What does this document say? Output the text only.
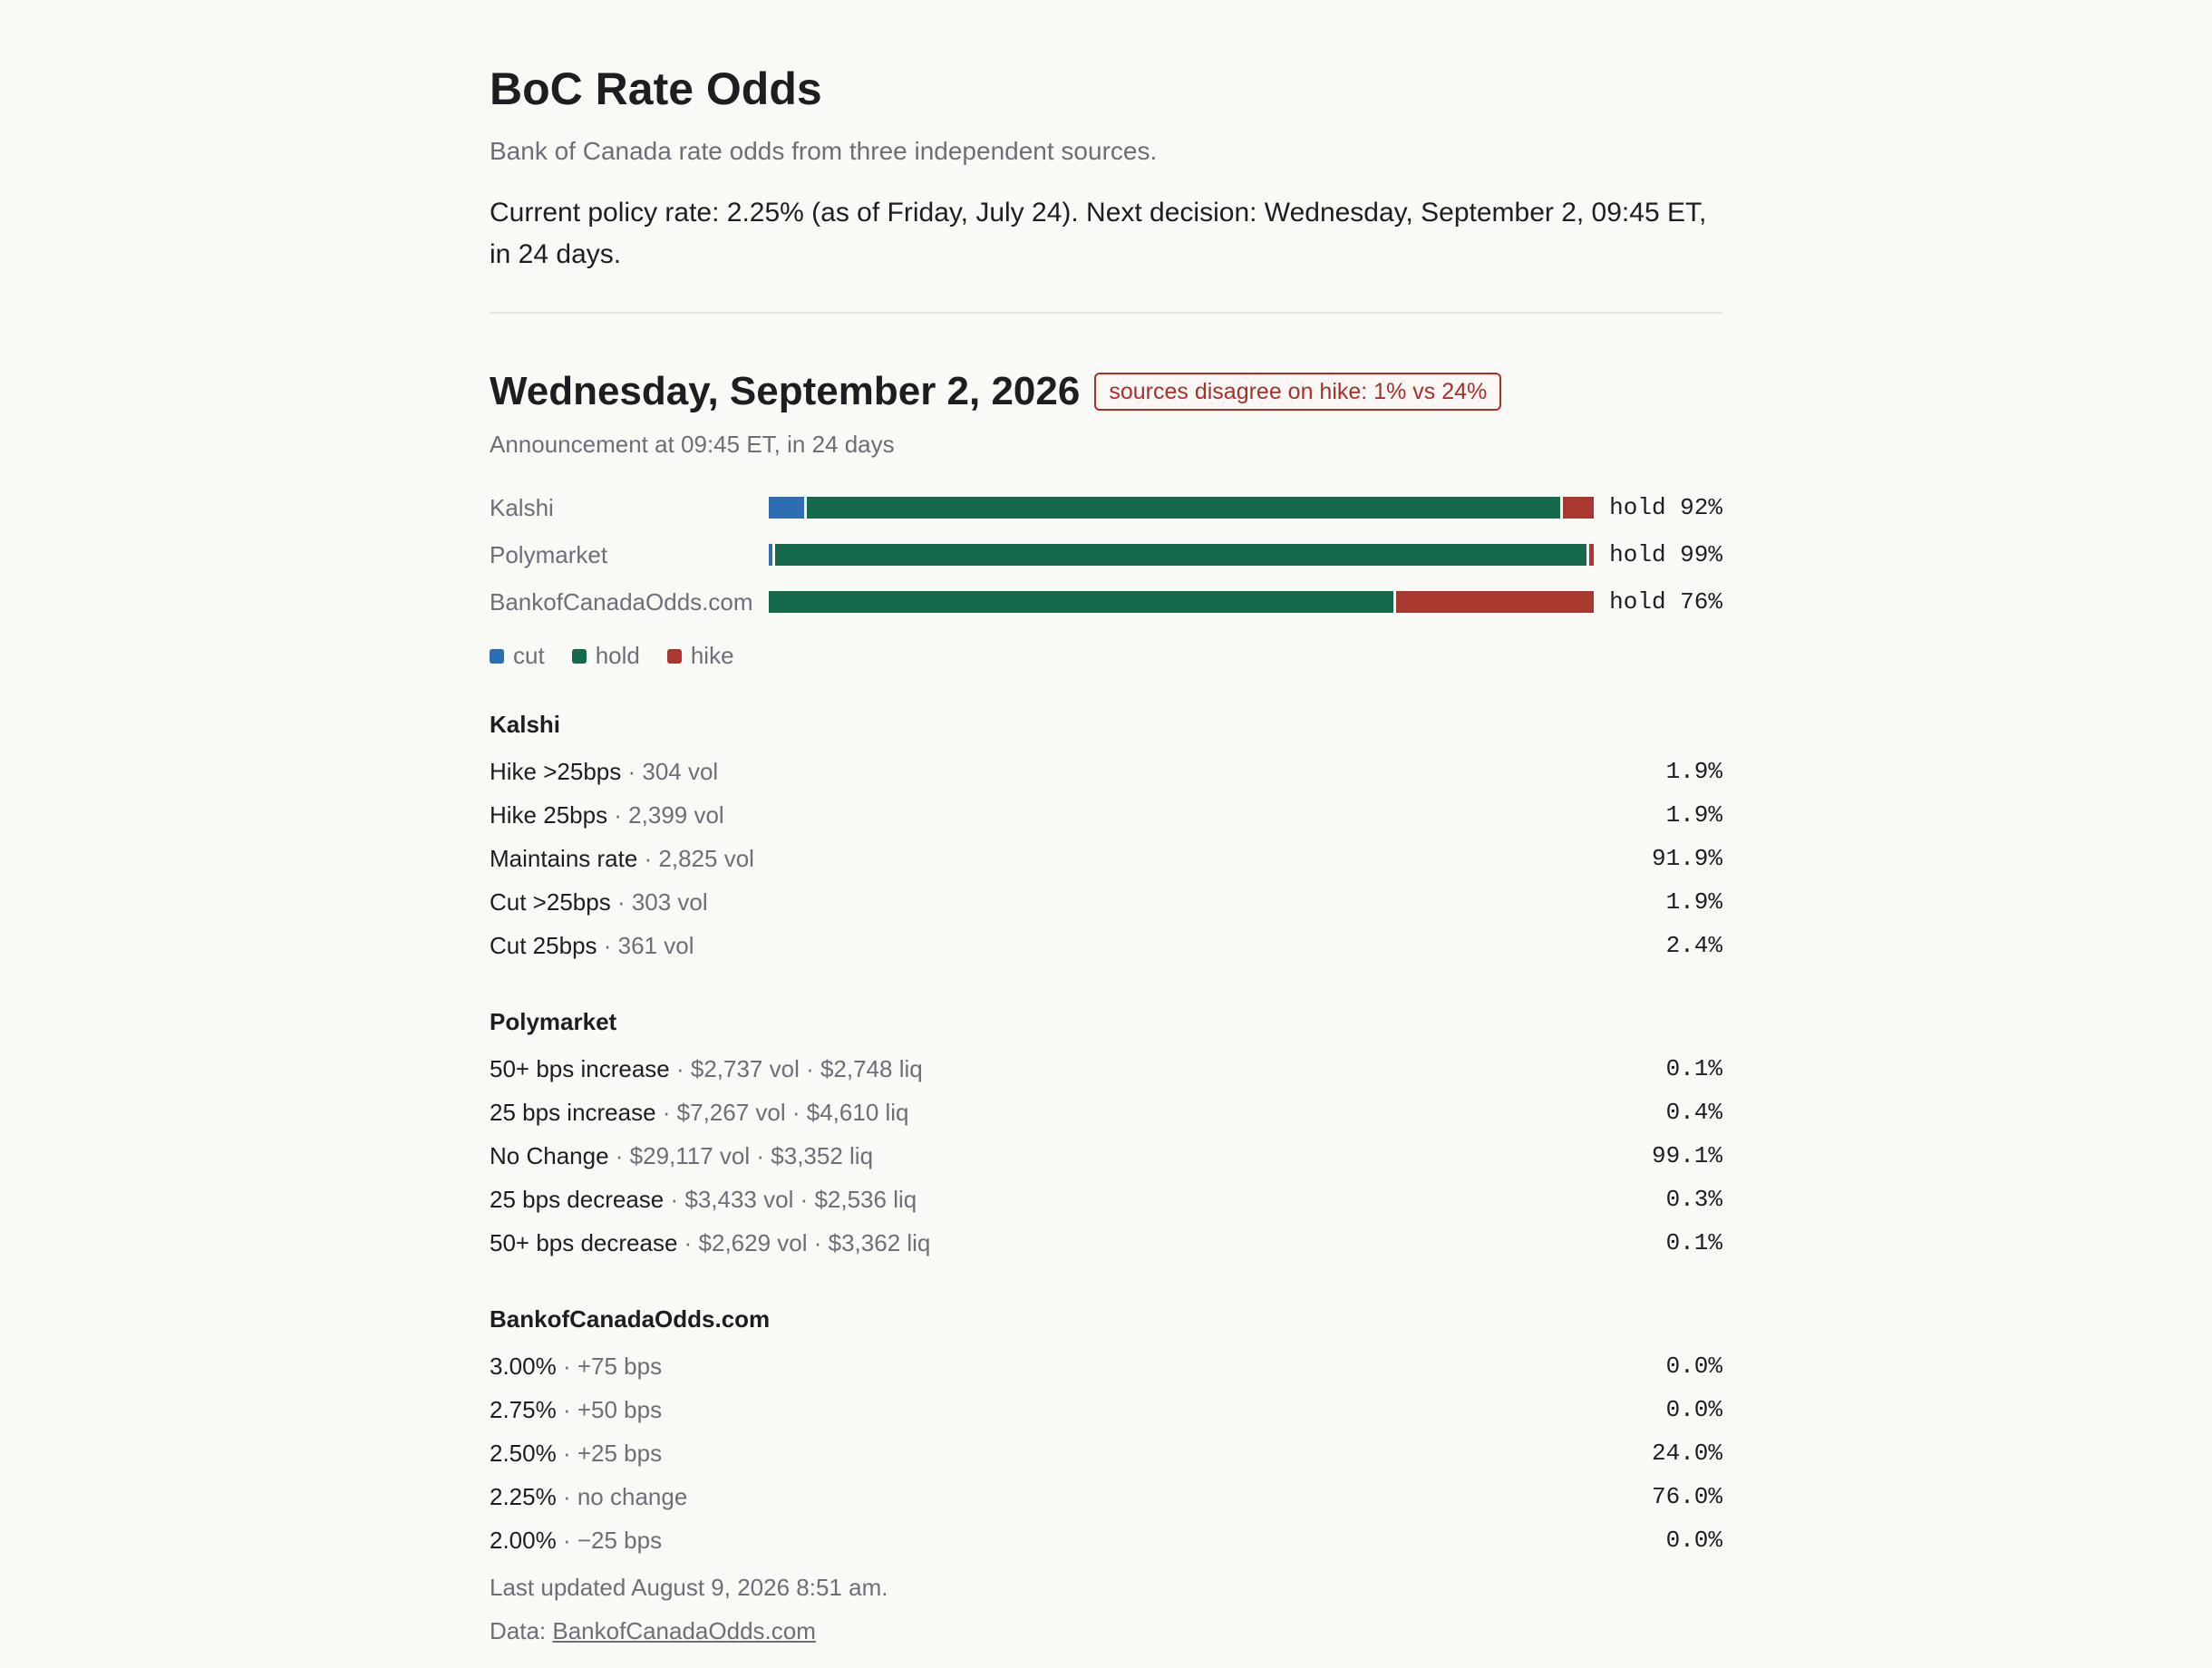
BoC Rate Odds
Bank of Canada rate odds from three independent sources.
Current policy rate: 2.25% (as of Friday, July 24). Next decision: Wednesday, September 2, 09:45 ET, in 24 days.
Wednesday, September 2, 2026	sources disagree on hike: 1% vs 24%
Announcement at 09:45 ET, in 24 days
Kalshi	hold 92%
Polymarket	hold 99%
BankofCanadaOdds.com	hold 76%
cut hold hike
Kalshi
Hike >25bps · 304 vol	1.9%
Hike 25bps · 2,399 vol	1.9%
Maintains rate · 2,825 vol	91.9%
Cut >25bps · 303 vol	1.9%
Cut 25bps · 361 vol	2.4%
Polymarket
50+ bps increase · $2,737 vol · $2,748 liq	0.1%
25 bps increase · $7,267 vol · $4,610 liq	0.4%
No Change · $29,117 vol · $3,352 liq	99.1%
25 bps decrease · $3,433 vol · $2,536 liq	0.3%
50+ bps decrease · $2,629 vol · $3,362 liq	0.1%
BankofCanadaOdds.com
3.00% · +75 bps	0.0%
2.75% · +50 bps	0.0%
2.50% · +25 bps	24.0%
2.25% · no change	76.0%
2.00% · −25 bps	0.0%
Last updated August 9, 2026 8:51 am.
Data: BankofCanadaOdds.com
